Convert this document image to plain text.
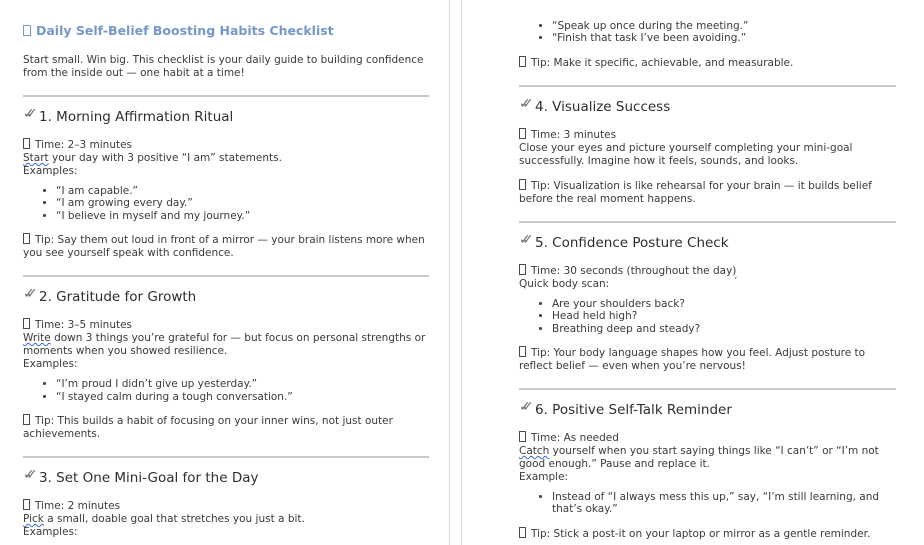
Daily Self-Belief Boosting Habits Checklist

Start small. Win big. This checklist is your daily guide to building confidence from the inside out — one habit at a time!

✓ ✓1. Morning Affirmation Ritual

Time: 2–3 minutes
Start your day with 3 positive “I am” statements.
Examples:

• “I am capable.”
• “I am growing every day.”
• “I believe in myself and my journey.”

Tip: Say them out loud in front of a mirror — your brain listens more when you see yourself speak with confidence.

✓ ✓2. Gratitude for Growth

Time: 3–5 minutes
Write down 3 things you’re grateful for — but focus on personal strengths or moments when you showed resilience.
Examples:

• “I’m proud I didn’t give up yesterday.”
• “I stayed calm during a tough conversation.”

Tip: This builds a habit of focusing on your inner wins, not just outer achievements.

✓ ✓3. Set One Mini-Goal for the Day

Time: 2 minutes
Pick a small, doable goal that stretches you just a bit.
Examples:

• “Speak up once during the meeting.”
• “Finish that task I’ve been avoiding.”

Tip: Make it specific, achievable, and measurable.

✓ ✓4. Visualize Success

Time: 3 minutes
Close your eyes and picture yourself completing your mini-goal successfully. Imagine how it feels, sounds, and looks.

Tip: Visualization is like rehearsal for your brain — it builds belief before the real moment happens.

✓ ✓5. Confidence Posture Check

Time: 30 seconds (throughout the day)
Quick body scan:

• Are your shoulders back?
• Head held high?
• Breathing deep and steady?

Tip: Your body language shapes how you feel. Adjust posture to reflect belief — even when you’re nervous!

✓ ✓6. Positive Self-Talk Reminder

Time: As needed
Catch yourself when you start saying things like “I can’t” or “I’m not good enough.” Pause and replace it.
Example:

• Instead of “I always mess this up,” say, “I’m still learning, and that’s okay.”

Tip: Stick a post-it on your laptop or mirror as a gentle reminder.
